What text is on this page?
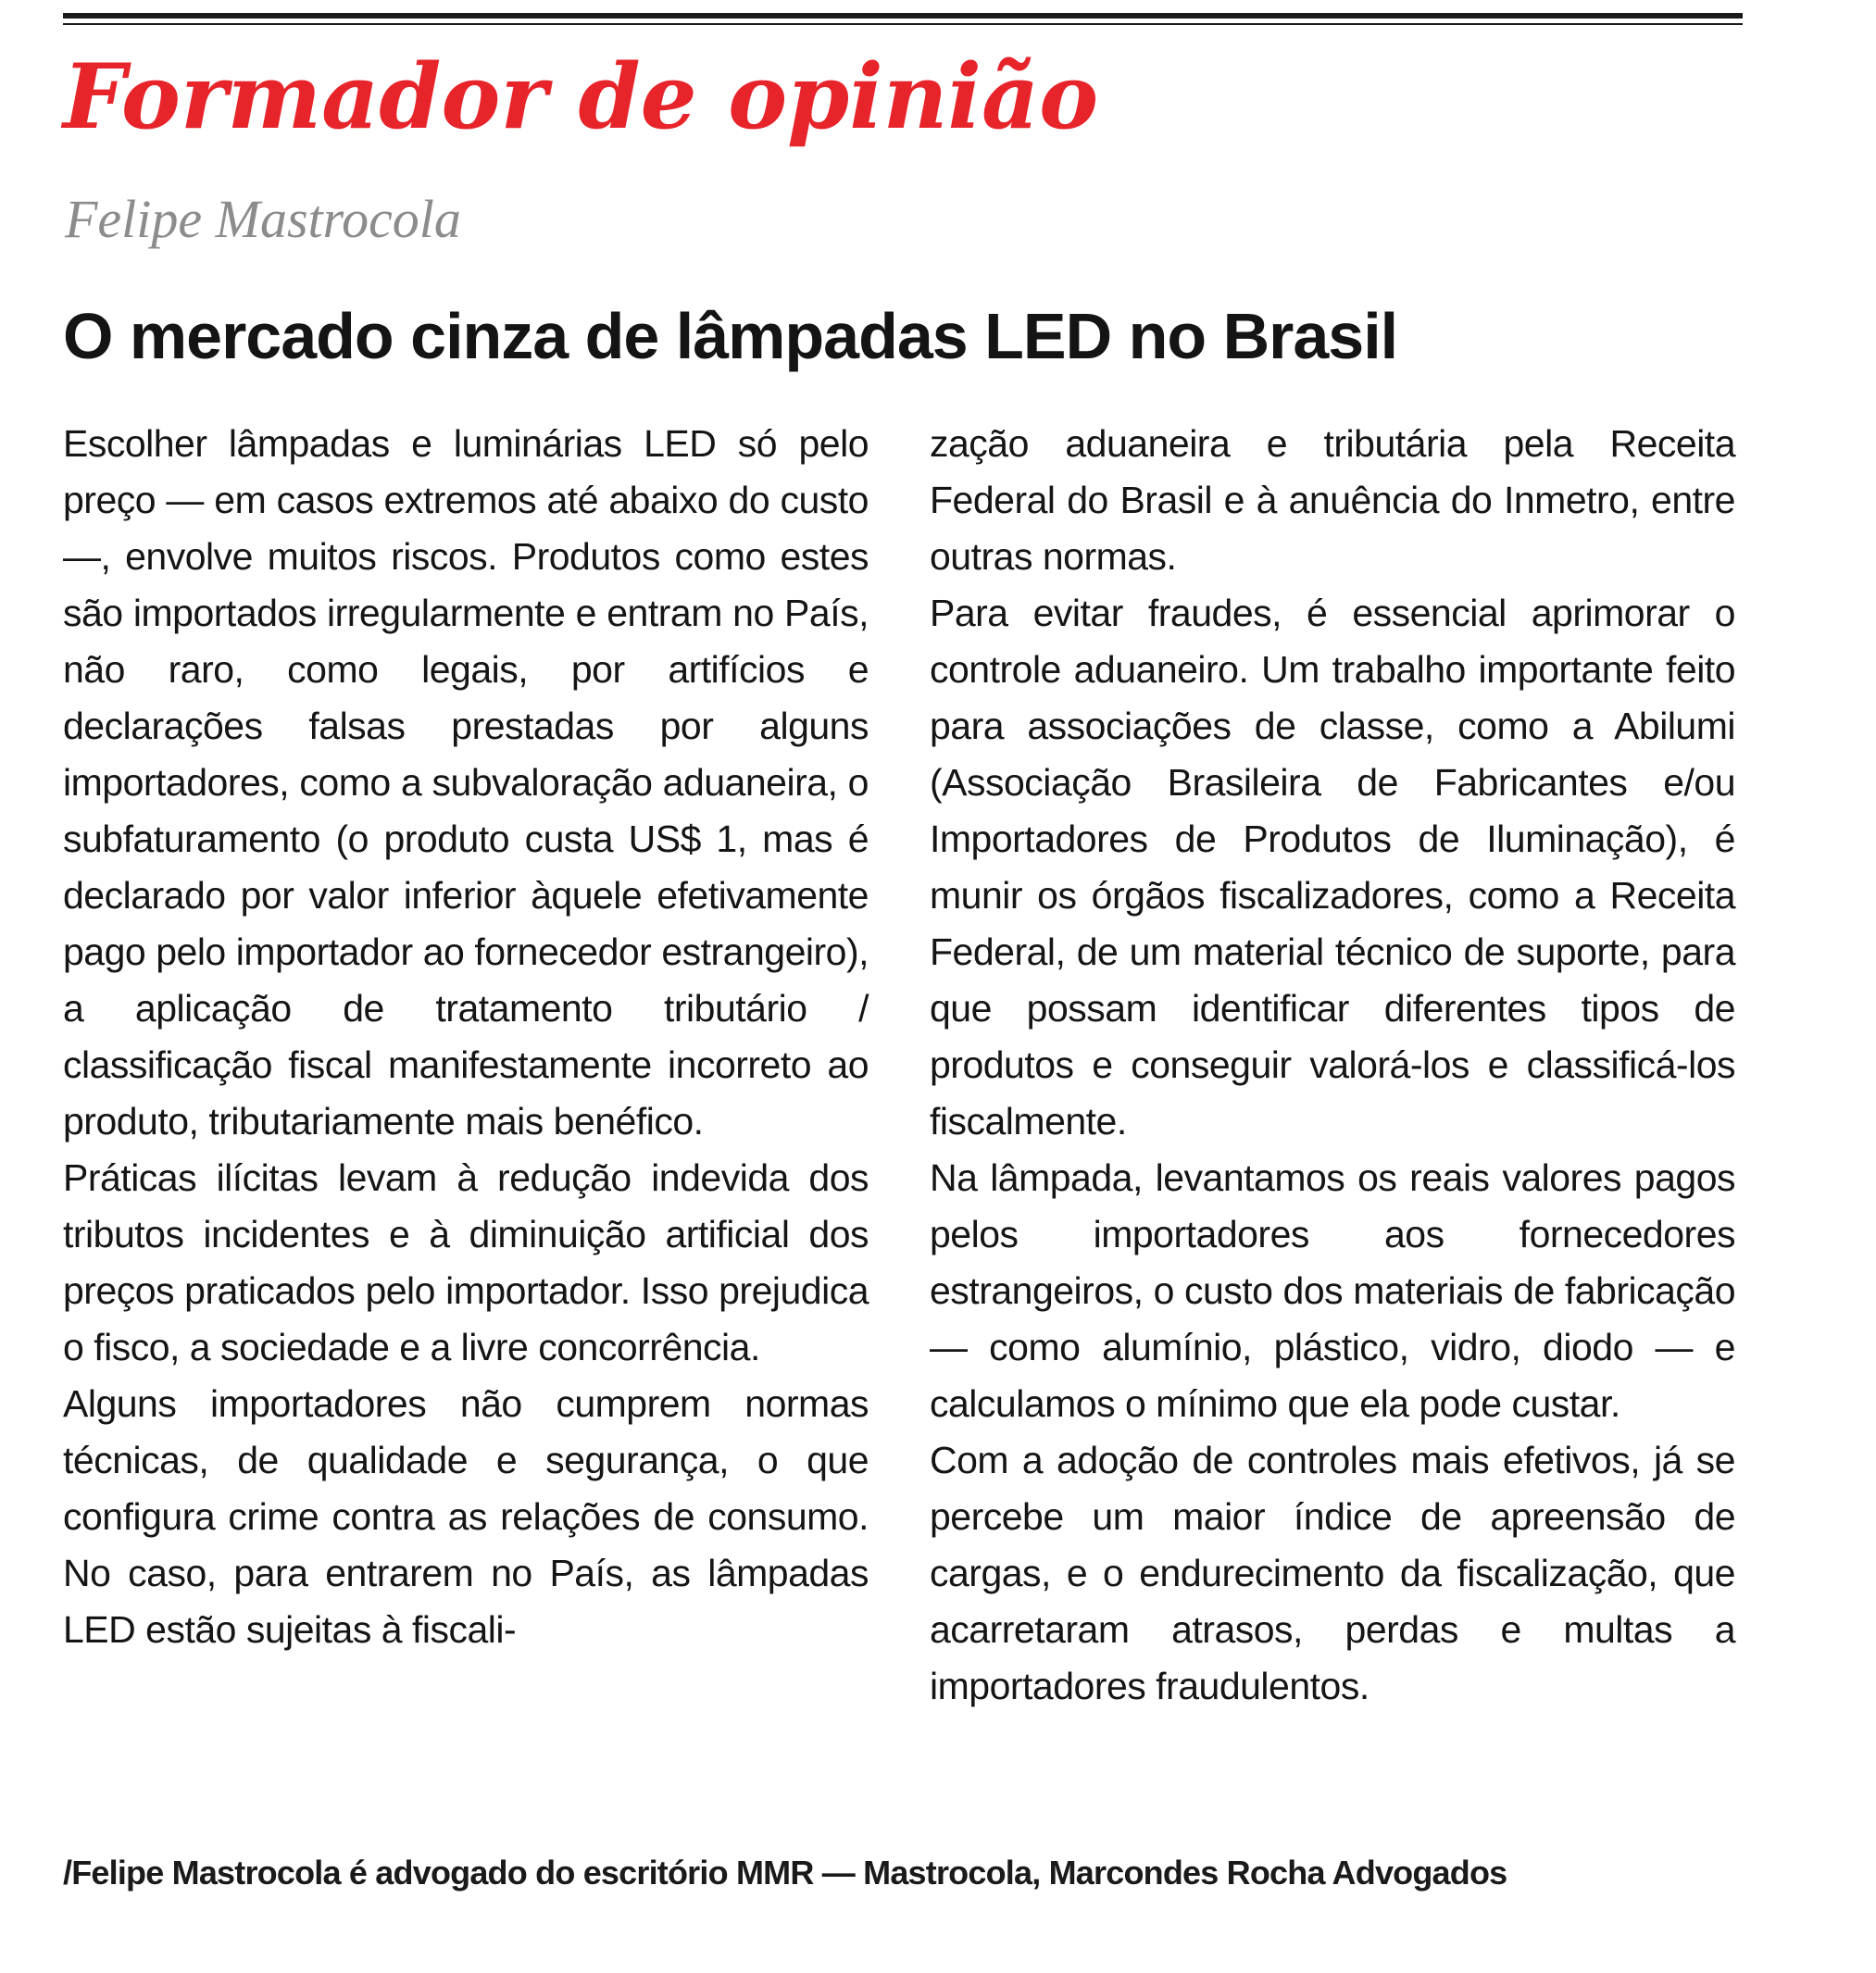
Formador de opinião

Felipe Mastrocola

O mercado cinza de lâmpadas LED no Brasil

Escolher lâmpadas e luminárias LED só pelo preço — em casos extremos até abaixo do custo —, envolve muitos riscos. Produtos como estes são importados irregularmente e entram no País, não raro, como legais, por artifícios e declarações falsas prestadas por alguns importadores, como a subvaloração aduaneira, o subfaturamento (o produto custa US$ 1, mas é declarado por valor inferior àquele efetivamente pago pelo importador ao fornecedor estrangeiro), a aplicação de tratamento tributário / classificação fiscal manifestamente incorreto ao produto, tributariamente mais benéfico.

Práticas ilícitas levam à redução indevida dos tributos incidentes e à diminuição artificial dos preços praticados pelo importador. Isso prejudica o fisco, a sociedade e a livre concorrência.

Alguns importadores não cumprem normas técnicas, de qualidade e segurança, o que configura crime contra as relações de consumo. No caso, para entrarem no País, as lâmpadas LED estão sujeitas à fiscali-

zação aduaneira e tributária pela Receita Federal do Brasil e à anuência do Inmetro, entre outras normas.

Para evitar fraudes, é essencial aprimorar o controle aduaneiro. Um trabalho importante feito para associações de classe, como a Abilumi (Associação Brasileira de Fabricantes e/ou Importadores de Produtos de Iluminação), é munir os órgãos fiscalizadores, como a Receita Federal, de um material técnico de suporte, para que possam identificar diferentes tipos de produtos e conseguir valorá-los e classificá-los fiscalmente.

Na lâmpada, levantamos os reais valores pagos pelos importadores aos fornecedores estrangeiros, o custo dos materiais de fabricação — como alumínio, plástico, vidro, diodo — e calculamos o mínimo que ela pode custar.

Com a adoção de controles mais efetivos, já se percebe um maior índice de apreensão de cargas, e o endurecimento da fiscalização, que acarretaram atrasos, perdas e multas a importadores fraudulentos.

/Felipe Mastrocola é advogado do escritório MMR — Mastrocola, Marcondes Rocha Advogados
